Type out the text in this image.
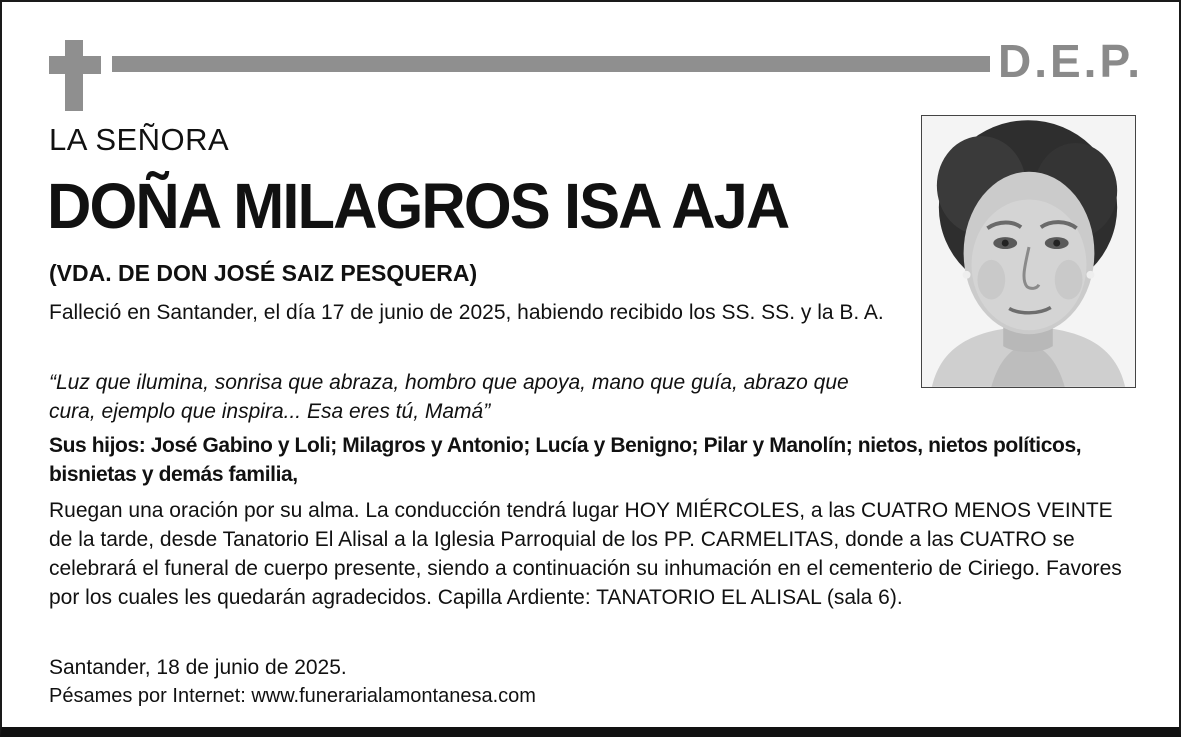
D.E.P.
LA SEÑORA
DOÑA MILAGROS ISA AJA
(VDA. DE DON JOSÉ SAIZ PESQUERA)
Falleció en Santander, el día 17 de junio de 2025, habiendo recibido los SS. SS. y la B. A.
“Luz que ilumina, sonrisa que abraza, hombro que apoya, mano que guía, abrazo que cura, ejemplo que inspira... Esa eres tú, Mamá”
Sus hijos: José Gabino y Loli; Milagros y Antonio; Lucía y Benigno; Pilar y Manolín; nietos, nietos políticos, bisnietas y demás familia,
Ruegan una oración por su alma. La conducción tendrá lugar HOY MIÉRCOLES, a las CUATRO MENOS VEINTE de la tarde, desde Tanatorio El Alisal a la Iglesia Parroquial de los PP. CARMELITAS, donde a las CUATRO se celebrará el funeral de cuerpo presente, siendo a continuación su inhumación en el cementerio de Ciriego. Favores por los cuales les quedarán agradecidos. Capilla Ardiente: TANATORIO EL ALISAL (sala 6).
Santander, 18 de junio de 2025.
Pésames por Internet: www.funerarialamontanesa.com
